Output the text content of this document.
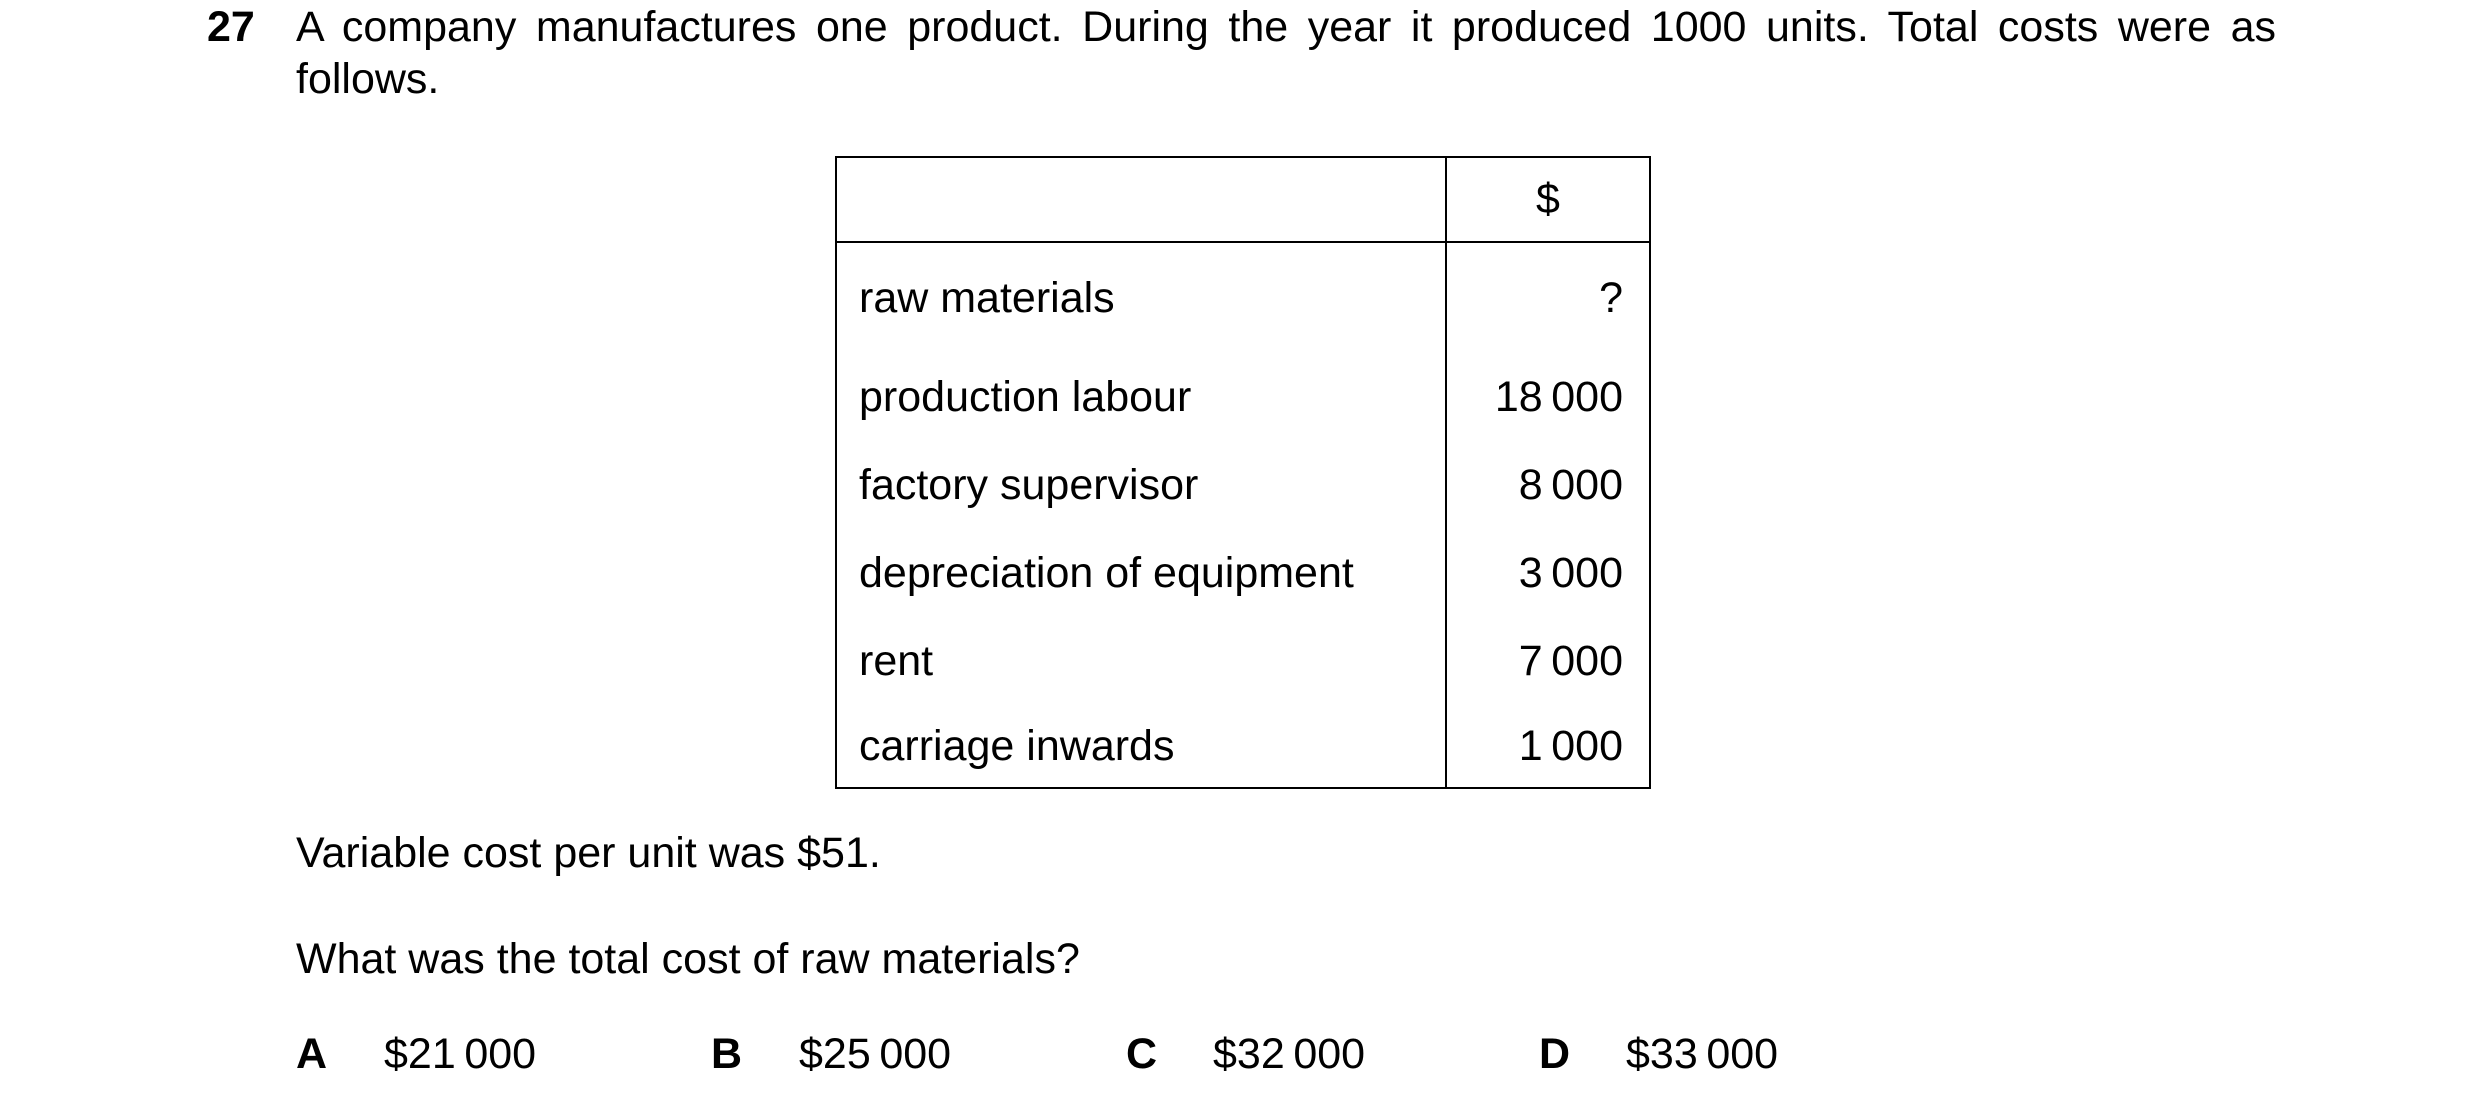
27 A company manufactures one product. During the year it produced 1000 units. Total costs were as follows.
	$
raw materials	?
production labour	18 000
factory supervisor	8 000
depreciation of equipment	3 000
rent	7 000
carriage inwards	1 000
Variable cost per unit was $51.
What was the total cost of raw materials?
A $21 000	B $25 000	C $32 000	D $33 000
